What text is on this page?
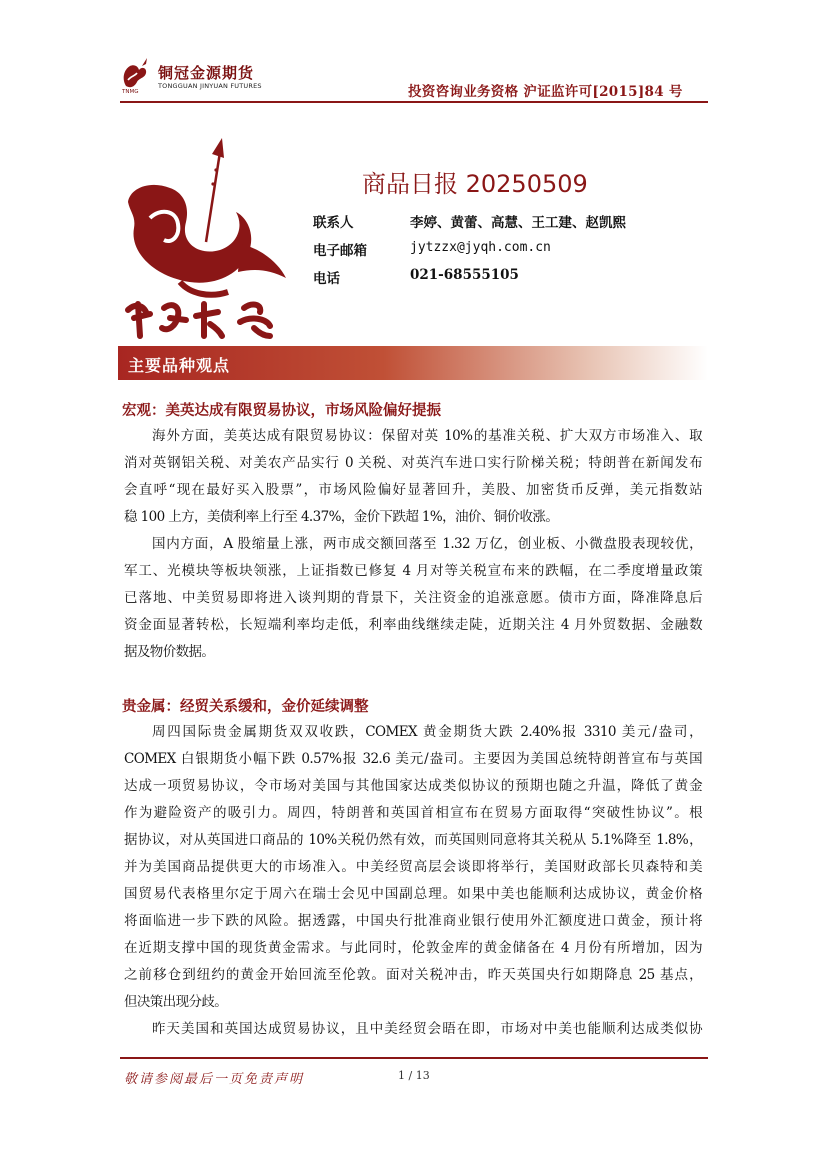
铜冠金源期货
TONGGUAN JINYUAN FUTURES
TNMG	投资咨询业务资格 沪证监许可[2015]84 号
商品日报 20250509
联系人	李婷、黄蕾、高慧、王工建、赵凯熙
电子邮箱	jytzzx@jyqh.com.cn
电话	021-68555105
主要品种观点
宏观：美英达成有限贸易协议，市场风险偏好提振
海外方面，美英达成有限贸易协议：保留对英 10%的基准关税、扩大双方市场准入、取
消对英钢铝关税、对美农产品实行 0 关税、对英汽车进口实行阶梯关税；特朗普在新闻发布
会直呼“现在最好买入股票”，市场风险偏好显著回升，美股、加密货币反弹，美元指数站
稳 100 上方，美债利率上行至 4.37%，金价下跌超 1%，油价、铜价收涨。
国内方面，A 股缩量上涨，两市成交额回落至 1.32 万亿，创业板、小微盘股表现较优，
军工、光模块等板块领涨，上证指数已修复 4 月对等关税宣布来的跌幅，在二季度增量政策
已落地、中美贸易即将进入谈判期的背景下，关注资金的追涨意愿。债市方面，降准降息后
资金面显著转松，长短端利率均走低，利率曲线继续走陡，近期关注 4 月外贸数据、金融数
据及物价数据。
贵金属：经贸关系缓和，金价延续调整
周四国际贵金属期货双双收跌，COMEX 黄金期货大跌 2.40%报 3310 美元/盎司，
COMEX 白银期货小幅下跌 0.57%报 32.6 美元/盎司。主要因为美国总统特朗普宣布与英国
达成一项贸易协议，令市场对美国与其他国家达成类似协议的预期也随之升温，降低了黄金
作为避险资产的吸引力。周四，特朗普和英国首相宣布在贸易方面取得“突破性协议”。根
据协议，对从英国进口商品的 10%关税仍然有效，而英国则同意将其关税从 5.1%降至 1.8%，
并为美国商品提供更大的市场准入。中美经贸高层会谈即将举行，美国财政部长贝森特和美
国贸易代表格里尔定于周六在瑞士会见中国副总理。如果中美也能顺利达成协议，黄金价格
将面临进一步下跌的风险。据透露，中国央行批准商业银行使用外汇额度进口黄金，预计将
在近期支撑中国的现货黄金需求。与此同时，伦敦金库的黄金储备在 4 月份有所增加，因为
之前移仓到纽约的黄金开始回流至伦敦。面对关税冲击，昨天英国央行如期降息 25 基点，
但决策出现分歧。
昨天美国和英国达成贸易协议，且中美经贸会晤在即，市场对中美也能顺利达成类似协
敬请参阅最后一页免责声明	1 / 13
